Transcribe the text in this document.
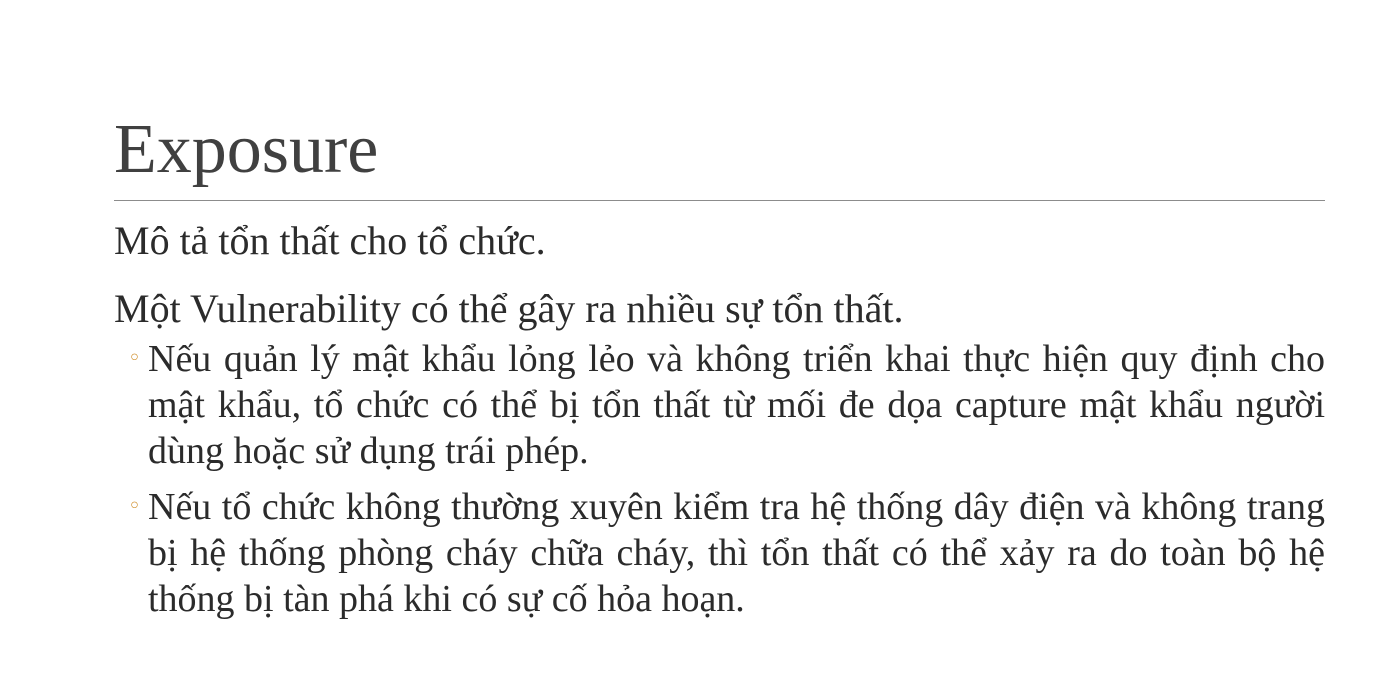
Exposure

Mô tả tổn thất cho tổ chức.

Một Vulnerability có thể gây ra nhiều sự tổn thất.

◦ Nếu quản lý mật khẩu lỏng lẻo và không triển khai thực hiện quy định cho mật khẩu, tổ chức có thể bị tổn thất từ mối đe dọa capture mật khẩu người dùng hoặc sử dụng trái phép.
◦ Nếu tổ chức không thường xuyên kiểm tra hệ thống dây điện và không trang bị hệ thống phòng cháy chữa cháy, thì tổn thất có thể xảy ra do toàn bộ hệ thống bị tàn phá khi có sự cố hỏa hoạn.
